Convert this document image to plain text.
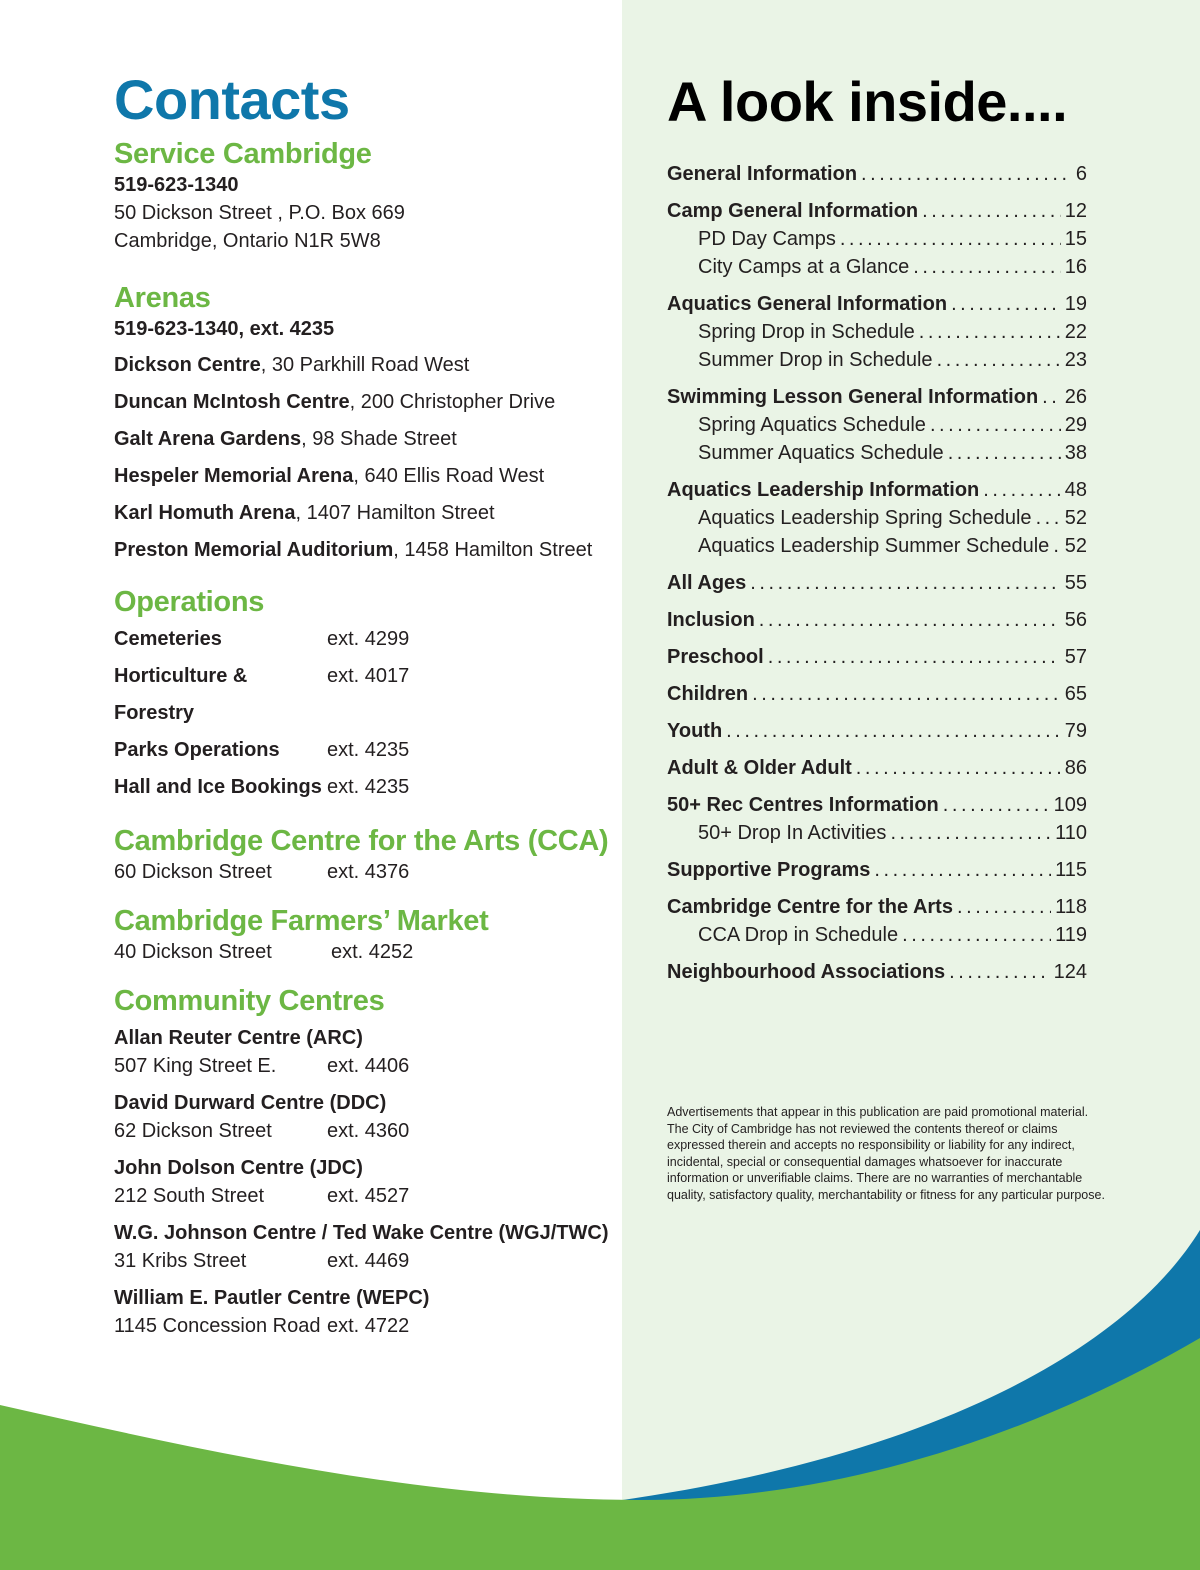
Contacts
Service Cambridge
519-623-1340
50 Dickson Street , P.O. Box 669
Cambridge, Ontario N1R 5W8
Arenas
519-623-1340, ext. 4235
Dickson Centre, 30 Parkhill Road West
Duncan McIntosh Centre, 200 Christopher Drive
Galt Arena Gardens, 98 Shade Street
Hespeler Memorial Arena, 640 Ellis Road West
Karl Homuth Arena, 1407 Hamilton Street
Preston Memorial Auditorium, 1458 Hamilton Street
Operations
Cemeteries	ext. 4299
Horticulture & Forestry
ext. 4017
Parks Operations	ext. 4235
Hall and Ice Bookings ext. 4235
Cambridge Centre for the Arts (CCA)
60 Dickson Street	ext. 4376
Cambridge Farmers’ Market
40 Dickson Street	ext. 4252
Community Centres
Allan Reuter Centre (ARC)
507 King Street E.	ext. 4406
David Durward Centre (DDC)
62 Dickson Street	ext. 4360
John Dolson Centre (JDC)
212 South Street	ext. 4527
W.G. Johnson Centre / Ted Wake Centre (WGJ/TWC)
31 Kribs Street	ext. 4469
William E. Pautler Centre (WEPC)
1145 Concession Road ext. 4722
A look inside....
General Information . . .	6
Camp General Information . . .	12
PD Day Camps . . .	15
City Camps at a Glance . . .	16
Aquatics General Information . . .	19
Spring Drop in Schedule . . .	22
Summer Drop in Schedule . . .	23
Swimming Lesson General Information . . . 26
Spring Aquatics Schedule . . .	29
Summer Aquatics Schedule . . .	38
Aquatics Leadership Information . . .	48
Aquatics Leadership Spring Schedule . . . 52
Aquatics Leadership Summer Schedule . . . 52
All Ages . . .	55
Inclusion . . .	56
Preschool . . .	57
Children . . .	65
Youth . . .	79
Adult & Older Adult . . .	86
50+ Rec Centres Information . . .	109
50+ Drop In Activities . . .	110
Supportive Programs . . .	115
Cambridge Centre for the Arts . . .	118
CCA Drop in Schedule . . .	119
Neighbourhood Associations . . .	124
Advertisements that appear in this publication are paid promotional material. The City of Cambridge has not reviewed the contents thereof or claims expressed therein and accepts no responsibility or liability for any indirect, incidental, special or consequential damages whatsoever for inaccurate information or unverifiable claims. There are no warranties of merchantable quality, satisfactory quality, merchantability or fitness for any particular purpose.
